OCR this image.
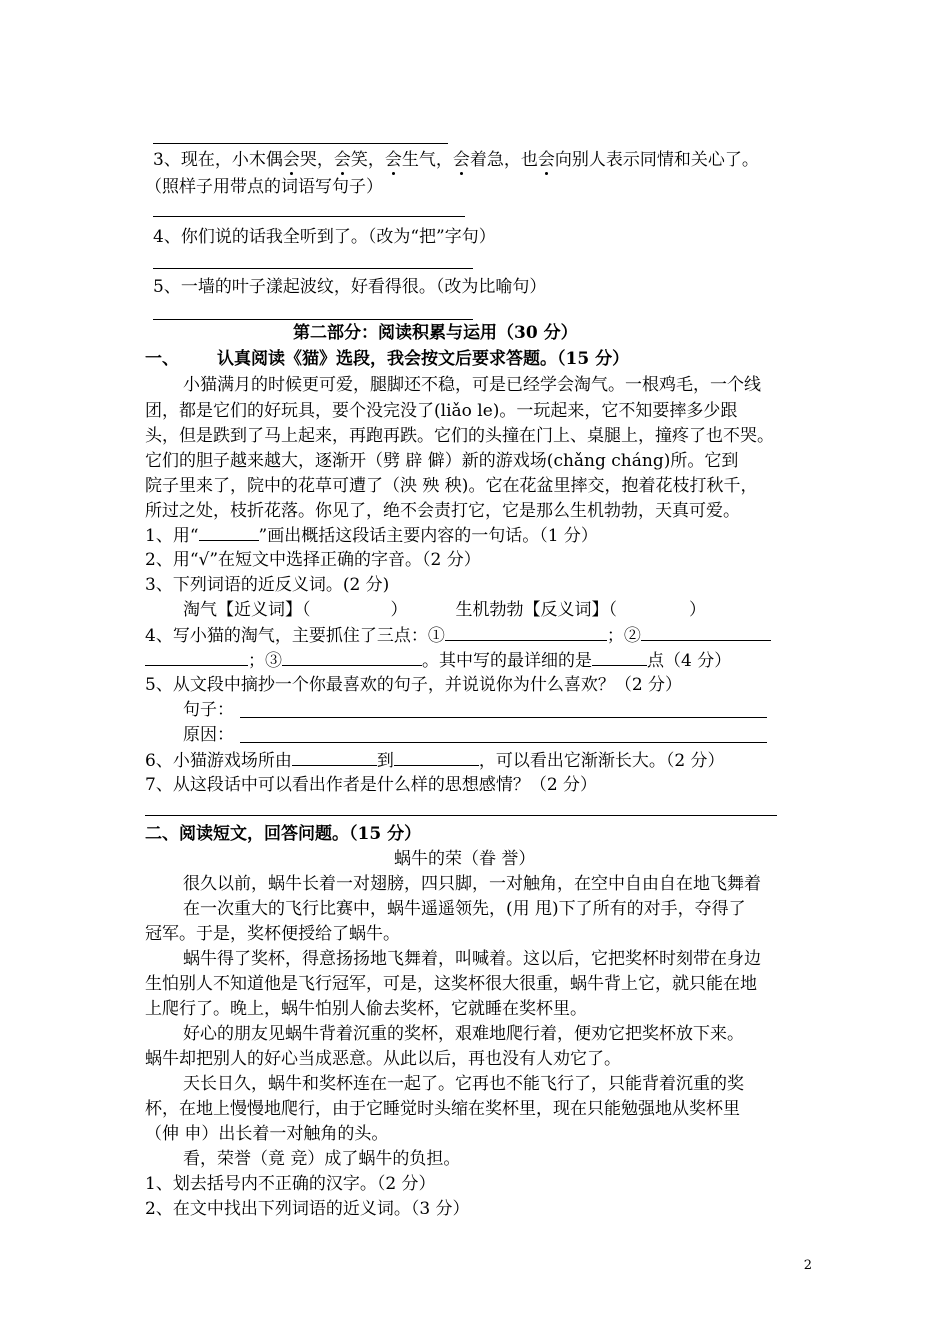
3、现在，小木偶会哭，会笑，会生气，会着急，也会向别人表示同情和关心了。
（照样子用带点的词语写句子）
4、你们说的话我全听到了。（改为“把”字句）
5、一墙的叶子漾起波纹，好看得很。（改为比喻句）
第二部分：阅读积累与运用（30 分）
一、 认真阅读《猫》选段，我会按文后要求答题。（15 分）
小猫满月的时候更可爱，腿脚还不稳，可是已经学会淘气。一根鸡毛，一个线
团，都是它们的好玩具，要个没完没了(liǎo le)。一玩起来，它不知要摔多少跟
头，但是跌到了马上起来，再跑再跌。它们的头撞在门上、桌腿上，撞疼了也不哭。
它们的胆子越来越大，逐渐开（劈 辟 僻）新的游戏场(chǎng cháng)所。它到
院子里来了，院中的花草可遭了（泱 殃 秧)。它在花盆里摔交，抱着花枝打秋千，
所过之处，枝折花落。你见了，绝不会责打它，它是那么生机勃勃，天真可爱。
1、用“	”画出概括这段话主要内容的一句话。（1 分）
2、用“√”在短文中选择正确的字音。（2 分）
3、下列词语的近反义词。(2 分)
淘气【近义词】（	）	生机勃勃【反义词】（	）
4、写小猫的淘气，主要抓住了三点：①	；②
；③	。其中写的最详细的是	点（4 分）
5、从文段中摘抄一个你最喜欢的句子，并说说你为什么喜欢？（2 分）
句子：
原因：
6、小猫游戏场所由	到	，可以看出它渐渐长大。（2 分）
7、从这段话中可以看出作者是什么样的思想感情？（2 分）
二、阅读短文，回答问题。（15 分）
蜗牛的荣（眷 誉）
很久以前，蜗牛长着一对翅膀，四只脚，一对触角，在空中自由自在地飞舞着
在一次重大的飞行比赛中，蜗牛遥遥领先，(用 甩)下了所有的对手，夺得了
冠军。于是，奖杯便授给了蜗牛。
蜗牛得了奖杯，得意扬扬地飞舞着，叫喊着。这以后，它把奖杯时刻带在身边
生怕别人不知道他是飞行冠军，可是，这奖杯很大很重，蜗牛背上它，就只能在地
上爬行了。晚上，蜗牛怕别人偷去奖杯，它就睡在奖杯里。
好心的朋友见蜗牛背着沉重的奖杯，艰难地爬行着，便劝它把奖杯放下来。
蜗牛却把别人的好心当成恶意。从此以后，再也没有人劝它了。
天长日久，蜗牛和奖杯连在一起了。它再也不能飞行了，只能背着沉重的奖
杯，在地上慢慢地爬行，由于它睡觉时头缩在奖杯里，现在只能勉强地从奖杯里
（伸 申）出长着一对触角的头。
看，荣誉（竟 竞）成了蜗牛的负担。
1、划去括号内不正确的汉字。（2 分）
2、在文中找出下列词语的近义词。（3 分）
2
